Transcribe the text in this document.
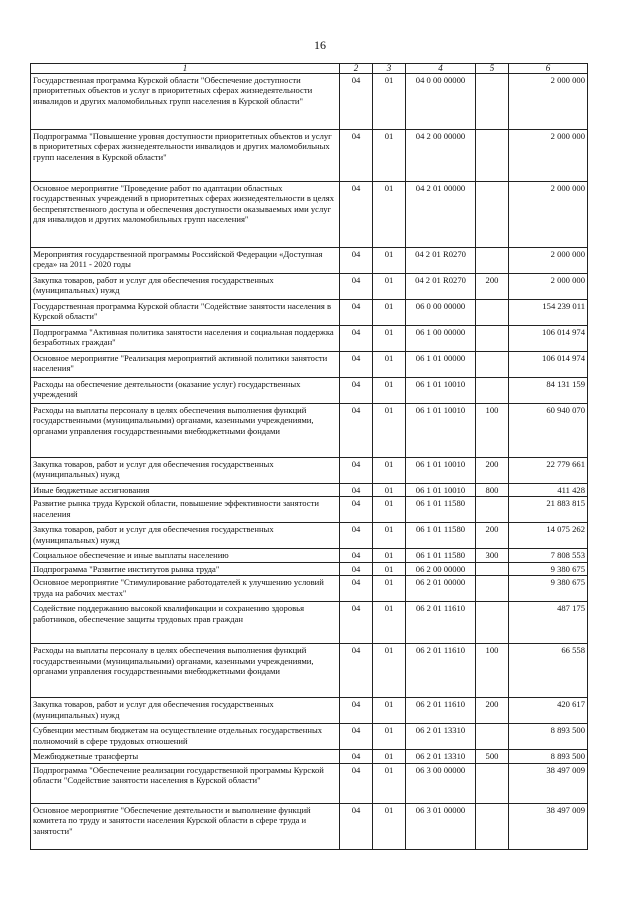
16
1	2	3	4	5	6
Государственная программа Курской области "Обеспечение доступности приоритетных объектов и услуг в приоритетных сферах жизнедеятельности инвалидов и других маломобильных групп населения в Курской области"	04	01	04 0 00 00000		2 000 000
Подпрограмма "Повышение уровня доступности приоритетных объектов и услуг в приоритетных сферах жизнедеятельности инвалидов и других маломобильных групп населения в Курской области"	04	01	04 2 00 00000		2 000 000
Основное мероприятие "Проведение работ по адаптации областных государственных учреждений в приоритетных сферах жизнедеятельности в целях беспрепятственного доступа и обеспечения доступности оказываемых ими услуг для инвалидов и других маломобильных групп населения"	04	01	04 2 01 00000		2 000 000
Мероприятия государственной программы Российской Федерации «Доступная среда» на 2011 - 2020 годы	04	01	04 2 01 R0270		2 000 000
Закупка товаров, работ и услуг для обеспечения государственных (муниципальных) нужд	04	01	04 2 01 R0270	200	2 000 000
Государственная программа Курской области "Содействие занятости населения в Курской области"	04	01	06 0 00 00000		154 239 011
Подпрограмма "Активная политика занятости населения и социальная поддержка безработных граждан"	04	01	06 1 00 00000		106 014 974
Основное мероприятие "Реализация мероприятий активной политики занятости населения"	04	01	06 1 01 00000		106 014 974
Расходы на обеспечение деятельности (оказание услуг) государственных учреждений	04	01	06 1 01 10010		84 131 159
Расходы на выплаты персоналу в целях обеспечения выполнения функций государственными (муниципальными) органами, казенными учреждениями, органами управления государственными внебюджетными фондами	04	01	06 1 01 10010	100	60 940 070
Закупка товаров, работ и услуг для обеспечения государственных (муниципальных) нужд	04	01	06 1 01 10010	200	22 779 661
Иные бюджетные ассигнования	04	01	06 1 01 10010	800	411 428
Развитие рынка труда Курской области, повышение эффективности занятости населения	04	01	06 1 01 11580		21 883 815
Закупка товаров, работ и услуг для обеспечения государственных (муниципальных) нужд	04	01	06 1 01 11580	200	14 075 262
Социальное обеспечение и иные выплаты населению	04	01	06 1 01 11580	300	7 808 553
Подпрограмма "Развитие институтов рынка труда"	04	01	06 2 00 00000		9 380 675
Основное мероприятие "Стимулирование работодателей к улучшению условий труда на рабочих местах"	04	01	06 2 01 00000		9 380 675
Содействие поддержанию высокой квалификации и сохранению здоровья работников, обеспечение защиты трудовых прав граждан	04	01	06 2 01 11610		487 175
Расходы на выплаты персоналу в целях обеспечения выполнения функций государственными (муниципальными) органами, казенными учреждениями, органами управления государственными внебюджетными фондами	04	01	06 2 01 11610	100	66 558
Закупка товаров, работ и услуг для обеспечения государственных (муниципальных) нужд	04	01	06 2 01 11610	200	420 617
Субвенции местным бюджетам на осуществление отдельных государственных полномочий в сфере трудовых отношений	04	01	06 2 01 13310		8 893 500
Межбюджетные трансферты	04	01	06 2 01 13310	500	8 893 500
Подпрограмма "Обеспечение реализации государственной программы Курской области "Содействие занятости населения в Курской области"	04	01	06 3 00 00000		38 497 009
Основное мероприятие "Обеспечение деятельности и выполнение функций комитета по труду и занятости населения Курской области в сфере труда и занятости"	04	01	06 3 01 00000		38 497 009
